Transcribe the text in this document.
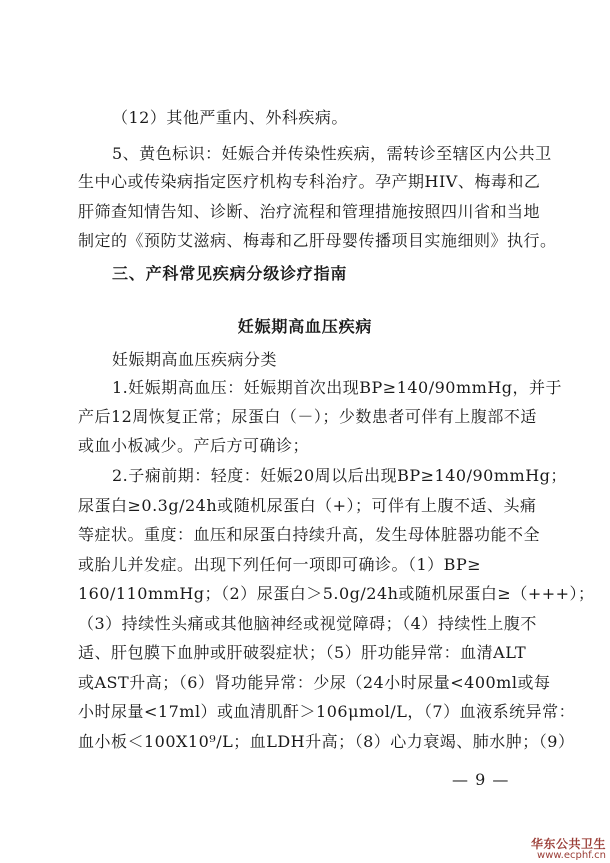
（12）其他严重内、外科疾病。
5、黄色标识：妊娠合并传染性疾病，需转诊至辖区内公共卫
生中心或传染病指定医疗机构专科治疗。孕产期HIV、梅毒和乙
肝筛查知情告知、诊断、治疗流程和管理措施按照四川省和当地
制定的《预防艾滋病、梅毒和乙肝母婴传播项目实施细则》执行。
三、产科常见疾病分级诊疗指南
妊娠期高血压疾病
妊娠期高血压疾病分类
1.妊娠期高血压：妊娠期首次出现BP≥140/90mmHg，并于
产后12周恢复正常；尿蛋白（－）；少数患者可伴有上腹部不适
或血小板减少。产后方可确诊；
2.子痫前期：轻度：妊娠20周以后出现BP≥140/90mmHg；
尿蛋白≥0.3g/24h或随机尿蛋白（+）；可伴有上腹不适、头痛
等症状。重度：血压和尿蛋白持续升高，发生母体脏器功能不全
或胎儿并发症。出现下列任何一项即可确诊。（1）BP≥
160/110mmHg；（2）尿蛋白＞5.0g/24h或随机尿蛋白≥（+++）；
（3）持续性头痛或其他脑神经或视觉障碍；（4）持续性上腹不
适、肝包膜下血肿或肝破裂症状；（5）肝功能异常：血清ALT
或AST升高；（6）肾功能异常：少尿（24小时尿量<400ml或每
小时尿量<17ml）或血清肌酐＞106μmol/L，（7）血液系统异常：
血小板＜100X10⁹/L；血LDH升高；（8）心力衰竭、肺水肿；（9）
— 9 —
华东公共卫生
www.ecphf.cn
